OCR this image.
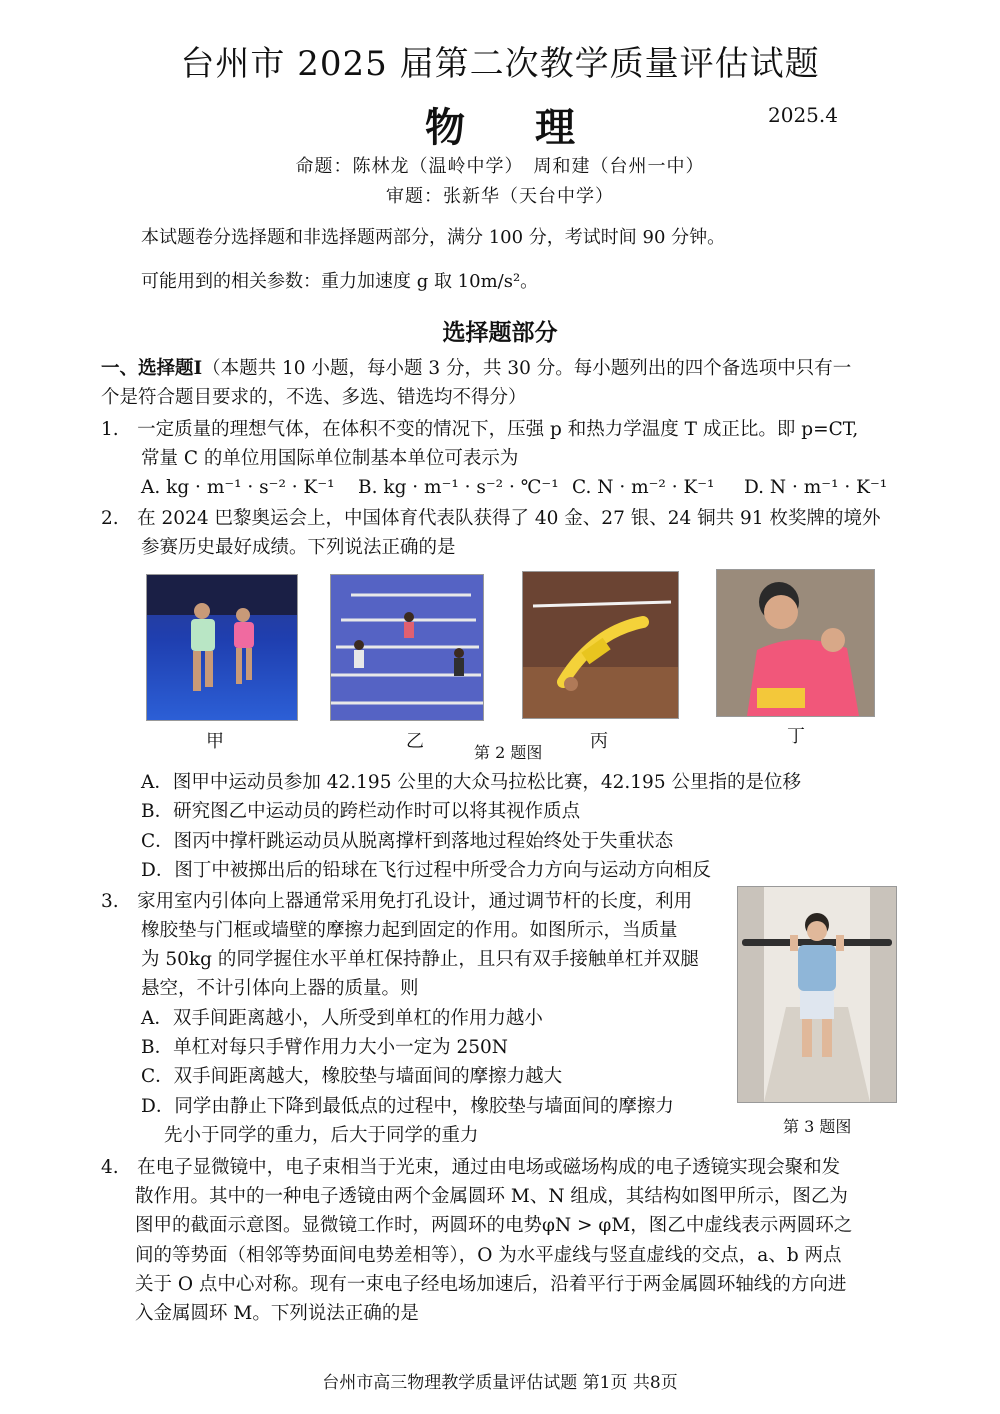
台州市 2025 届第二次教学质量评估试题
物理	2025.4
命题：陈林龙（温岭中学）　周和建（台州一中）
审题：张新华（天台中学）
本试题卷分选择题和非选择题两部分，满分 100 分，考试时间 90 分钟。
可能用到的相关参数：重力加速度 g 取 10m/s²。
选择题部分
一、选择题Ⅰ（本题共 10 小题，每小题 3 分，共 30 分。每小题列出的四个备选项中只有一
个是符合题目要求的，不选、多选、错选均不得分）
1.　一定质量的理想气体，在体积不变的情况下，压强 p 和热力学温度 T 成正比。即 p=CT,
常量 C 的单位用国际单位制基本单位可表示为
A. kg · m⁻¹ · s⁻² · K⁻¹ B. kg · m⁻¹ · s⁻² · ℃⁻¹ C. N · m⁻² · K⁻¹ D. N · m⁻¹ · K⁻¹
2.　在 2024 巴黎奥运会上，中国体育代表队获得了 40 金、27 银、24 铜共 91 枚奖牌的境外
参赛历史最好成绩。下列说法正确的是
甲	乙
第 2 题图
丙	丁
A．图甲中运动员参加 42.195 公里的大众马拉松比赛，42.195 公里指的是位移
B．研究图乙中运动员的跨栏动作时可以将其视作质点
C．图丙中撑杆跳运动员从脱离撑杆到落地过程始终处于失重状态
D．图丁中被掷出后的铅球在飞行过程中所受合力方向与运动方向相反
3.　家用室内引体向上器通常采用免打孔设计，通过调节杆的长度，利用
橡胶垫与门框或墙壁的摩擦力起到固定的作用。如图所示，当质量
为 50kg 的同学握住水平单杠保持静止，且只有双手接触单杠并双腿
悬空，不计引体向上器的质量。则
A．双手间距离越小，人所受到单杠的作用力越小
B．单杠对每只手臂作用力大小一定为 250N
C．双手间距离越大，橡胶垫与墙面间的摩擦力越大
D．同学由静止下降到最低点的过程中，橡胶垫与墙面间的摩擦力
先小于同学的重力，后大于同学的重力	第 3 题图
4.　在电子显微镜中，电子束相当于光束，通过由电场或磁场构成的电子透镜实现会聚和发
散作用。其中的一种电子透镜由两个金属圆环 M、N 组成，其结构如图甲所示，图乙为
图甲的截面示意图。显微镜工作时，两圆环的电势φN > φM，图乙中虚线表示两圆环之
间的等势面（相邻等势面间电势差相等），O 为水平虚线与竖直虚线的交点，a、b 两点
关于 O 点中心对称。现有一束电子经电场加速后，沿着平行于两金属圆环轴线的方向进
入金属圆环 M。下列说法正确的是
台州市高三物理教学质量评估试题 第1页 共8页
